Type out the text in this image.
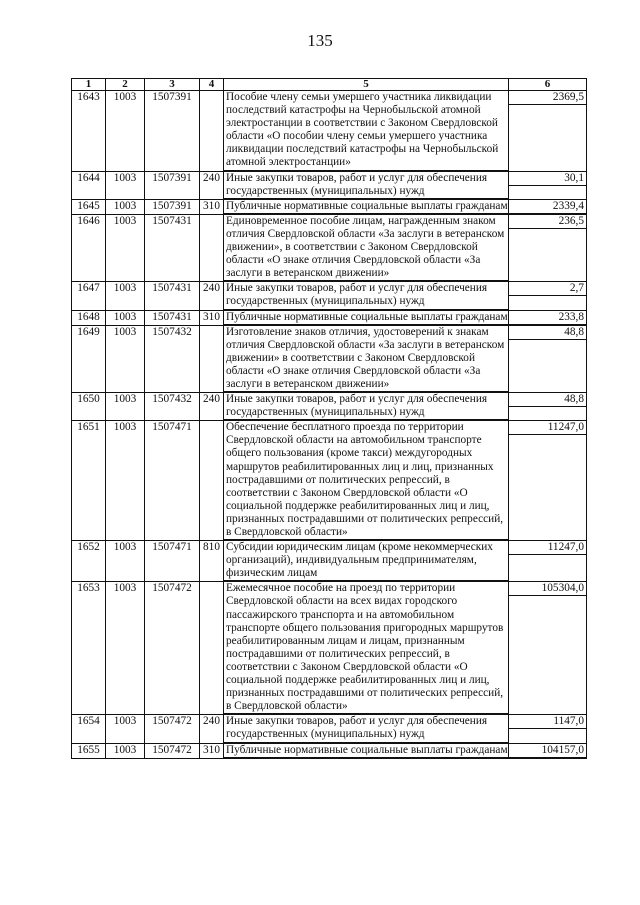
135
1	2	3	4	5	6
1643	1003	1507391		Пособие члену семьи умершего участника ликвидации последствий катастрофы на Чернобыльской атомной электростанции в соответствии с Законом Свердловской области «О пособии члену семьи умершего участника ликвидации последствий катастрофы на Чернобыльской атомной электростанции»	2369,5

1644	1003	1507391	240	Иные закупки товаров, работ и услуг для обеспечения государственных (муниципальных) нужд	30,1

1645	1003	1507391	310	Публичные нормативные социальные выплаты гражданам	2339,4

1646	1003	1507431		Единовременное пособие лицам, награжденным знаком отличия Свердловской области «За заслуги в ветеранском движении», в соответствии с Законом Свердловской области «О знаке отличия Свердловской области «За заслуги в ветеранском движении»	236,5

1647	1003	1507431	240	Иные закупки товаров, работ и услуг для обеспечения государственных (муниципальных) нужд	2,7

1648	1003	1507431	310	Публичные нормативные социальные выплаты гражданам	233,8

1649	1003	1507432		Изготовление знаков отличия, удостоверений к знакам отличия Свердловской области «За заслуги в ветеранском движении» в соответствии с Законом Свердловской области «О знаке отличия Свердловской области «За заслуги в ветеранском движении»	48,8

1650	1003	1507432	240	Иные закупки товаров, работ и услуг для обеспечения государственных (муниципальных) нужд	48,8

1651	1003	1507471		Обеспечение бесплатного проезда по территории Свердловской области на автомобильном транспорте общего пользования (кроме такси) междугородных маршрутов реабилитированных лиц и лиц, признанных пострадавшими от политических репрессий, в соответствии с Законом Свердловской области «О социальной поддержке реабилитированных лиц и лиц, признанных пострадавшими от политических репрессий, в Свердловской области»	11247,0

1652	1003	1507471	810	Субсидии юридическим лицам (кроме некоммерческих организаций), индивидуальным предпринимателям, физическим лицам	11247,0

1653	1003	1507472		Ежемесячное пособие на проезд по территории Свердловской области на всех видах городского пассажирского транспорта и на автомобильном транспорте общего пользования пригородных маршрутов реабилитированным лицам и лицам, признанным пострадавшими от политических репрессий, в соответствии с Законом Свердловской области «О социальной поддержке реабилитированных лиц и лиц, признанных пострадавшими от политических репрессий, в Свердловской области»	105304,0

1654	1003	1507472	240	Иные закупки товаров, работ и услуг для обеспечения государственных (муниципальных) нужд	1147,0

1655	1003	1507472	310	Публичные нормативные социальные выплаты гражданам	104157,0
